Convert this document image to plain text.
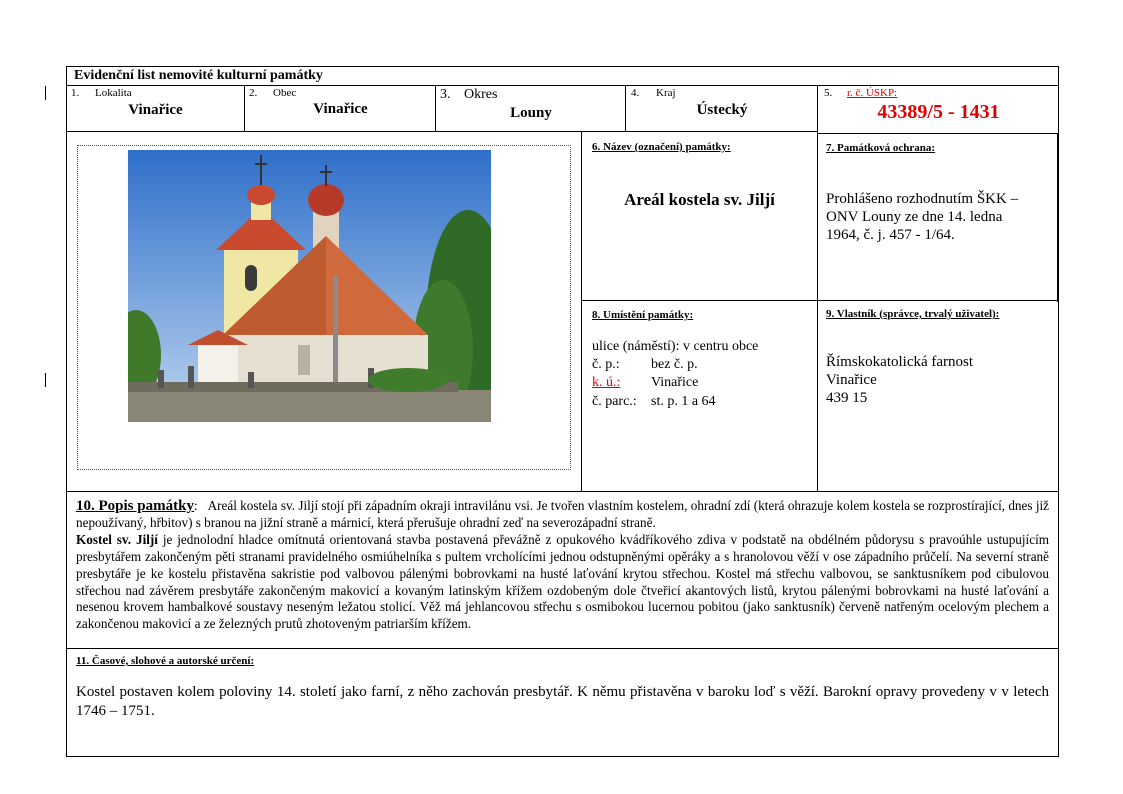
Evidenční list nemovité kulturní památky
1. Lokalita
Vinařice
2. Obec
Vinařice
3. Okres
Louny
4. Kraj
Ústecký
5. r. č. ÚSKP:
43389/5 - 1431
6. Název (označení) památky:
Areál kostela sv. Jiljí
7. Památková ochrana:
Prohlášeno rozhodnutím ŠKK –
ONV Louny ze dne 14. ledna
1964, č. j. 457 - 1/64.
8. Umístění památky:
ulice (náměstí): v centru obce
č. p.: bez č. p.
k. ú.: Vinařice
č. parc.: st. p. 1 a 64
9. Vlastník (správce, trvalý uživatel):
Římskokatolická farnost
Vinařice
439 15

10. Popis památky: Areál kostela sv. Jiljí stojí při západním okraji intravilánu vsi. Je tvořen vlastním kostelem, ohradní zdí (která ohrazuje kolem kostela se rozprostírající, dnes již nepoužívaný, hřbitov) s branou na jižní straně a márnicí, která přerušuje ohradní zeď na severozápadní straně.

Kostel sv. Jiljí je jednolodní hladce omítnutá orientovaná stavba postavená převážně z opukového kvádříkového zdiva v podstatě na obdélném půdorysu s pravoúhle ustupujícím presbytářem zakončeným pěti stranami pravidelného osmiúhelníka s pultem vrcholícími jednou odstupněnými opěráky a s hranolovou věží v ose západního průčelí. Na severní straně presbytáře je ke kostelu přistavěna sakristie pod valbovou pálenými bobrovkami na husté laťování krytou střechou. Kostel má střechu valbovou, se sanktusníkem pod cibulovou střechou nad závěrem presbytáře zakončeným makovicí a kovaným latinským křížem ozdobeným dole čtveřicí akantových listů, krytou pálenými bobrovkami na husté laťování a nesenou krovem hambalkové soustavy neseným ležatou stolicí. Věž má jehlancovou střechu s osmibokou lucernou pobitou (jako sanktusník) červeně natřeným ocelovým plechem a zakončenou makovicí a ze železných prutů zhotoveným patriarším křížem.

11. Časové, slohové a autorské určení:
Kostel postaven kolem poloviny 14. století jako farní, z něho zachován presbytář. K němu přistavěna v baroku loď s věží. Barokní opravy provedeny v v letech 1746 – 1751.
